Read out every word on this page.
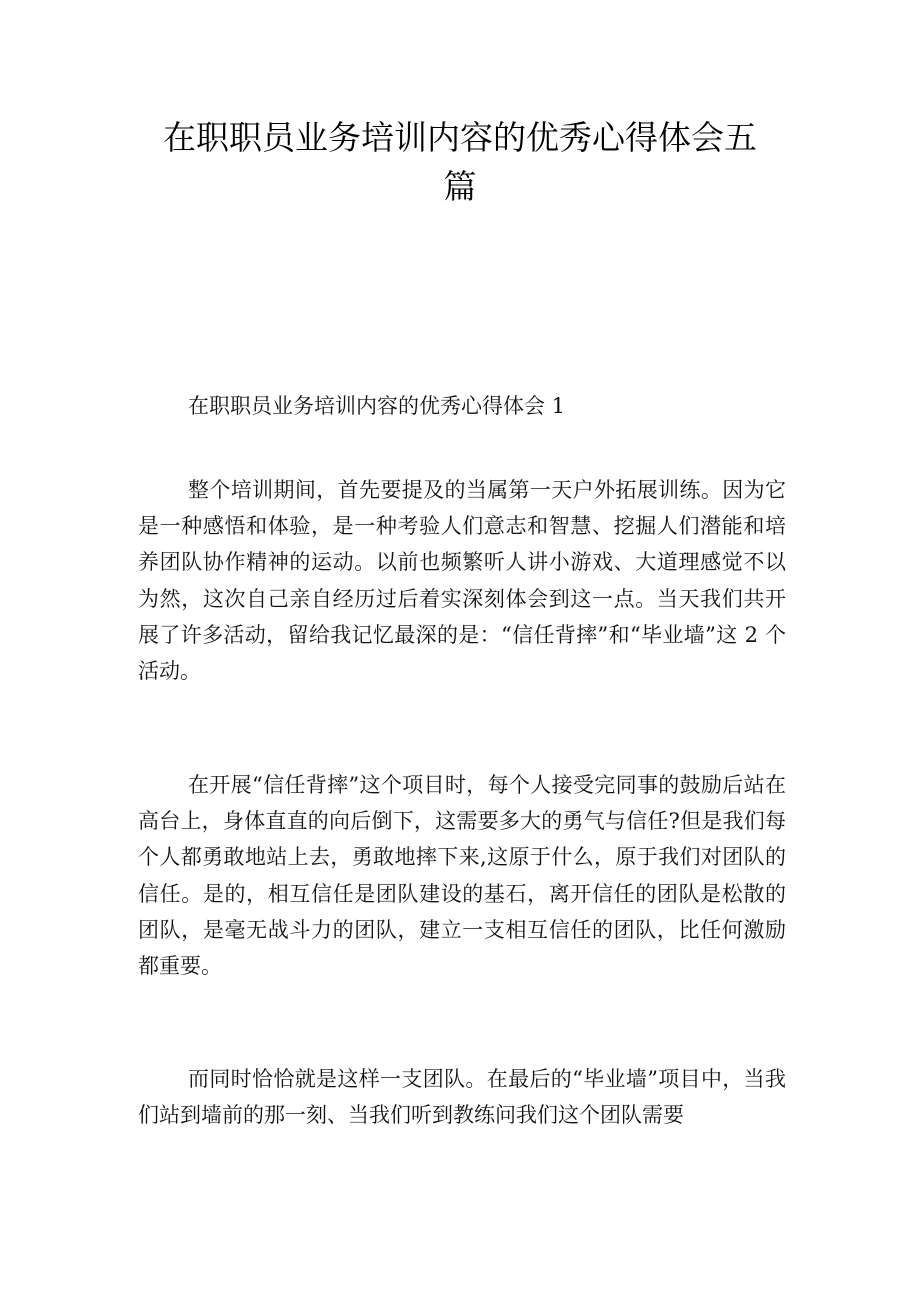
在职职员业务培训内容的优秀心得体会五篇

在职职员业务培训内容的优秀心得体会 1

整个培训期间，首先要提及的当属第一天户外拓展训练。因为它是一种感悟和体验，是一种考验人们意志和智慧、挖掘人们潜能和培养团队协作精神的运动。以前也频繁听人讲小游戏、大道理感觉不以为然，这次自己亲自经历过后着实深刻体会到这一点。当天我们共开展了许多活动，留给我记忆最深的是：“信任背摔”和“毕业墙”这 2 个活动。

在开展“信任背摔”这个项目时，每个人接受完同事的鼓励后站在高台上，身体直直的向后倒下，这需要多大的勇气与信任?但是我们每个人都勇敢地站上去，勇敢地摔下来,这原于什么，原于我们对团队的信任。是的，相互信任是团队建设的基石，离开信任的团队是松散的团队，是毫无战斗力的团队，建立一支相互信任的团队，比任何激励都重要。

而同时恰恰就是这样一支团队。在最后的“毕业墙”项目中，当我们站到墙前的那一刻、当我们听到教练问我们这个团队需要
